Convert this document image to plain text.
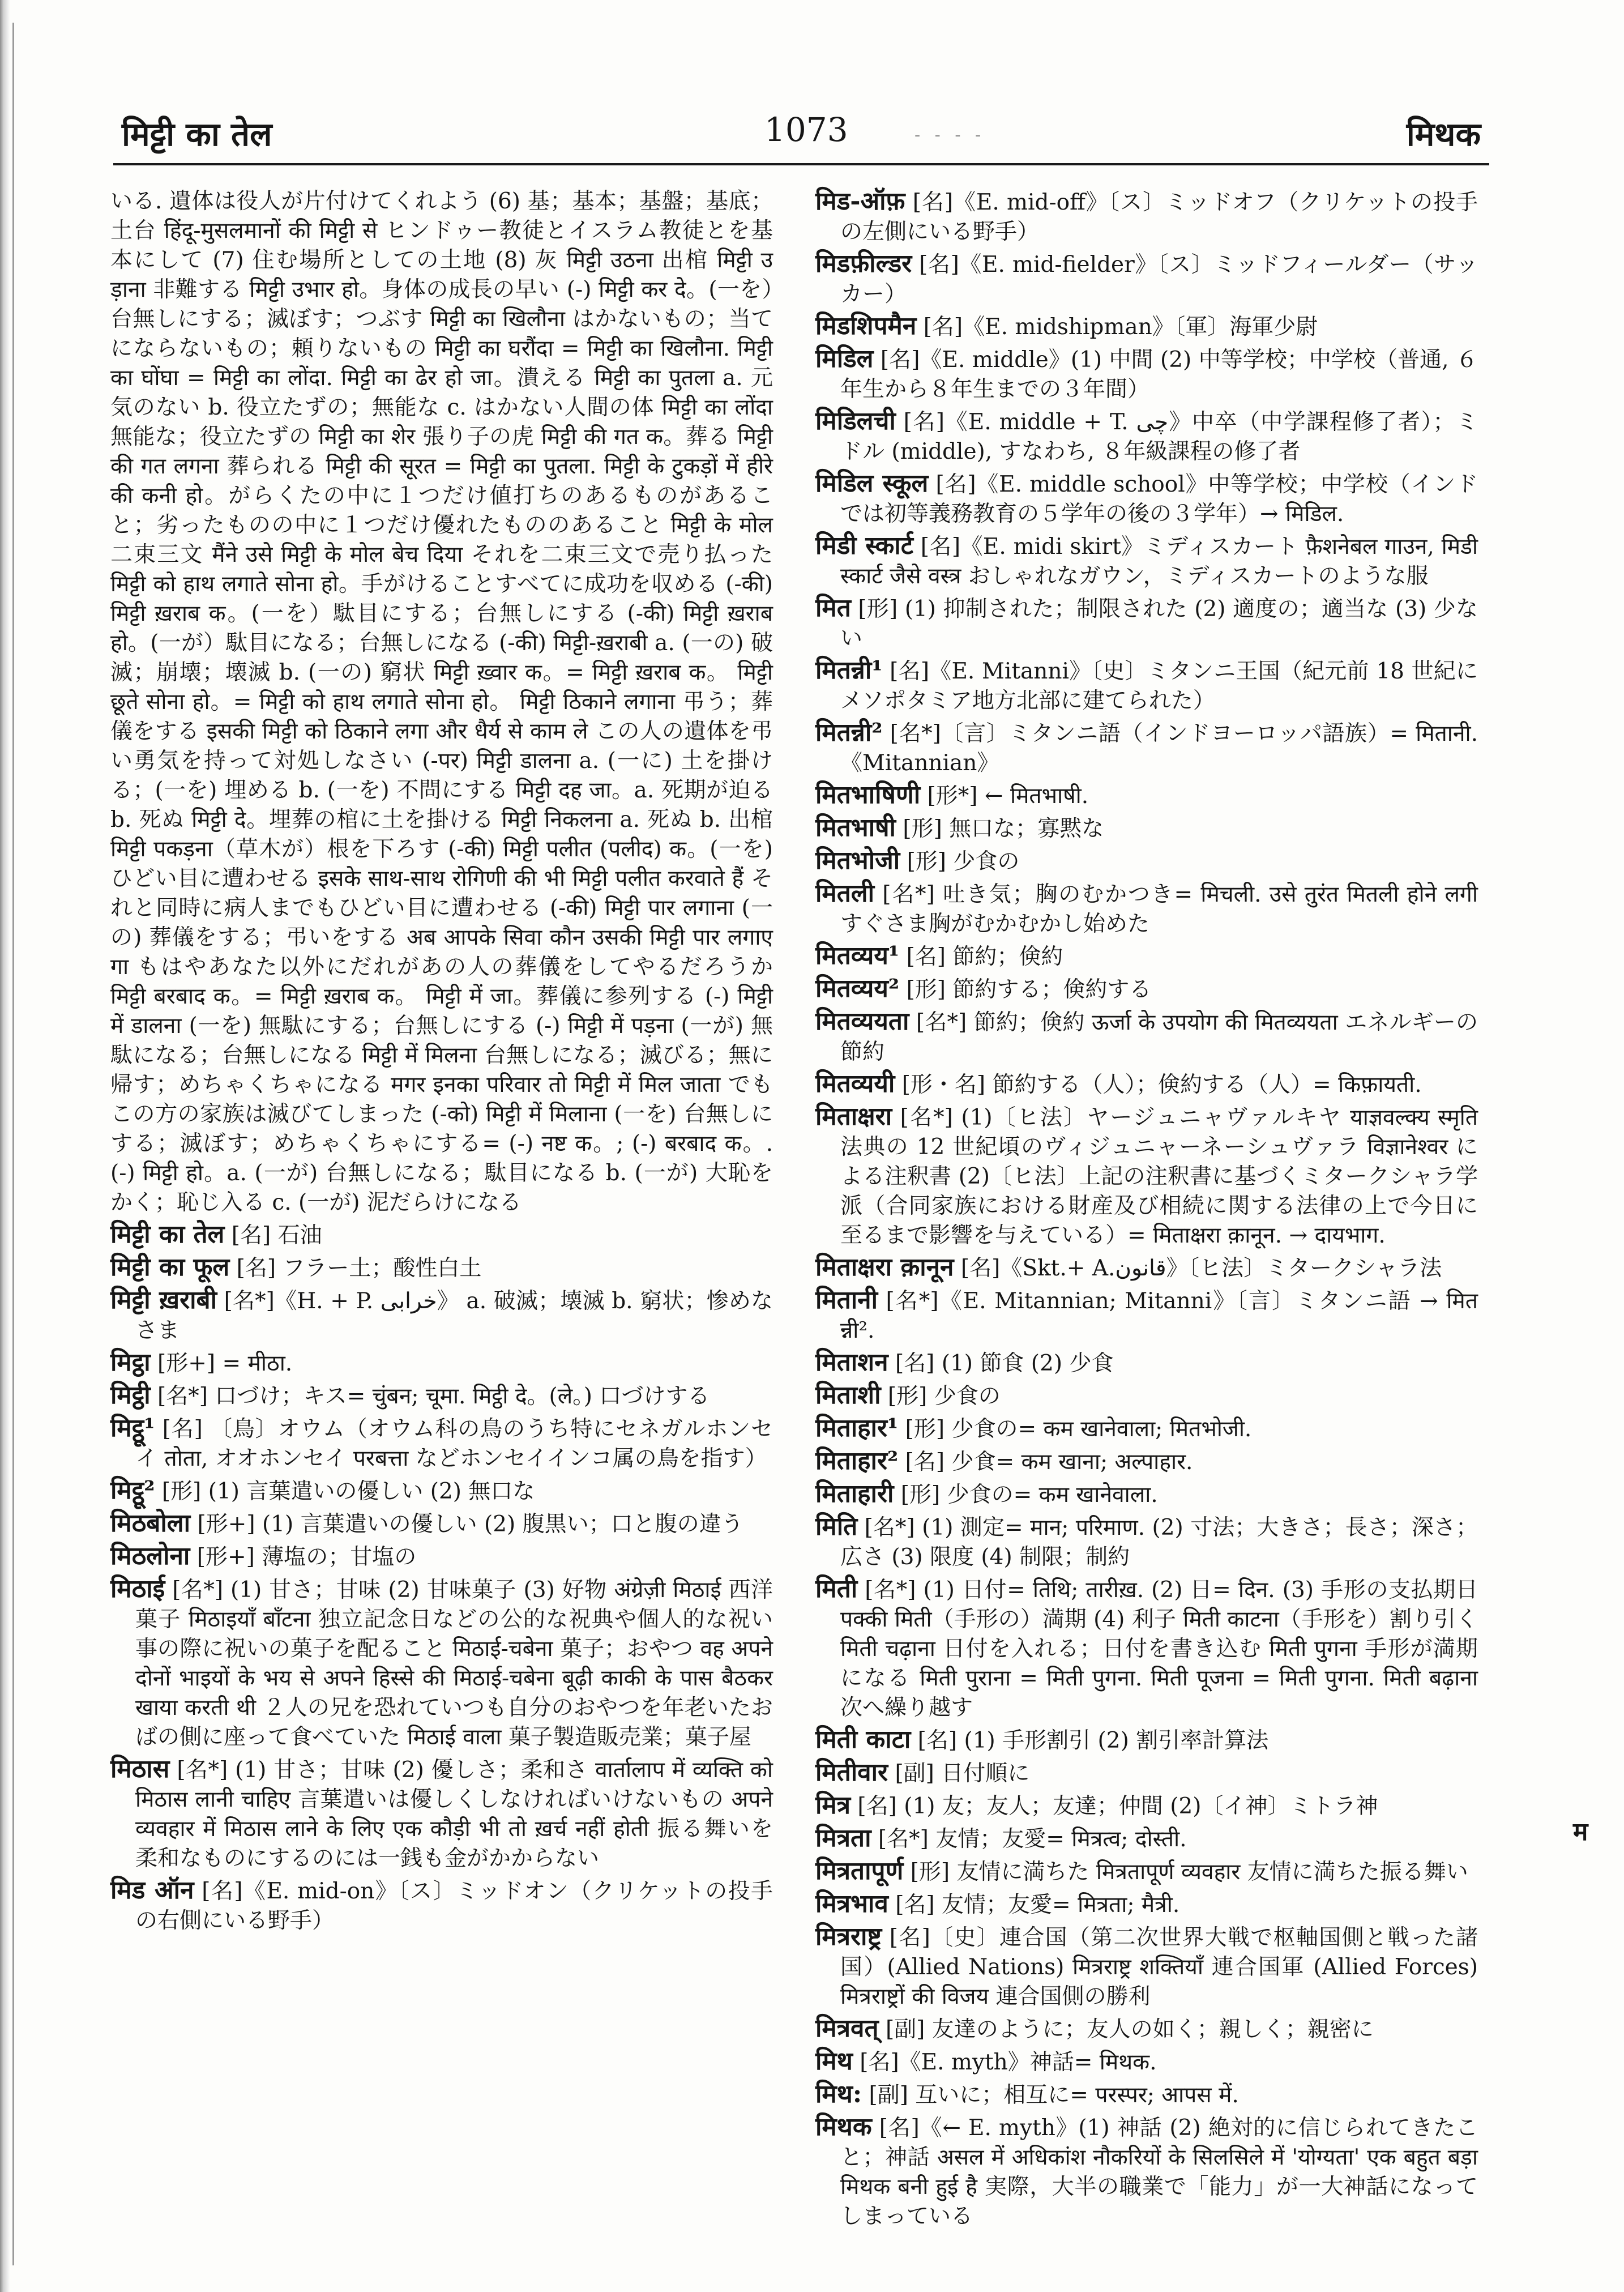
मिट्टी का तेल	1073	- - - -	मिथक

いる. 遺体は役人が片付けてくれよう (6) 基；基本；基盤；基底；土台 हिंदू-मुसलमानों की मिट्टी से ヒンドゥー教徒とイスラム教徒とを基本にして (7) 住む場所としての土地 (8) 灰 मिट्टी उठना 出棺 मिट्टी उड़ाना 非難する मिट्टी उभार हो。身体の成長の早い (-) मिट्टी कर दे。(一を）台無しにする；滅ぼす；つぶす मिट्टी का खिलौना はかないもの；当てにならないもの；頼りないもの मिट्टी का घरौंदा = मिट्टी का खिलौना. मिट्टी का घोंघा = मिट्टी का लोंदा. मिट्टी का ढेर हो जा。潰える मिट्टी का पुतला a. 元気のない b. 役立たずの；無能な c. はかない人間の体 मिट्टी का लोंदा 無能な；役立たずの मिट्टी का शेर 張り子の虎 मिट्टी की गत क。葬る मिट्टी की गत लगना 葬られる मिट्टी की सूरत = मिट्टी का पुतला. मिट्टी के टुकड़ों में हीरे की कनी हो。がらくたの中に１つだけ値打ちのあるものがあること；劣ったものの中に１つだけ優れたもののあること मिट्टी के मोल 二束三文 मैंने उसे मिट्टी के मोल बेच दिया それを二束三文で売り払った मिट्टी को हाथ लगाते सोना हो。手がけることすべてに成功を収める (-की) मिट्टी ख़राब क。(一を）駄目にする；台無しにする (-की) मिट्टी ख़राब हो。(一が）駄目になる；台無しになる (-की) मिट्टी-ख़राबी a. (一の) 破滅；崩壊；壊滅 b. (一の) 窮状 मिट्टी ख़्वार क。= मिट्टी ख़राब क。 मिट्टी छूते सोना हो。= मिट्टी को हाथ लगाते सोना हो。 मिट्टी ठिकाने लगाना 弔う；葬儀をする इसकी मिट्टी को ठिकाने लगा और धैर्य से काम ले この人の遺体を弔い勇気を持って対処しなさい (-पर) मिट्टी डालना a. (一に) 土を掛ける；(一を) 埋める b. (一を) 不問にする मिट्टी दह जा。a. 死期が迫る b. 死ぬ मिट्टी दे。埋葬の棺に土を掛ける मिट्टी निकलना a. 死ぬ b. 出棺 मिट्टी पकड़ना（草木が）根を下ろす (-की) मिट्टी पलीत (पलीद) क。(一を) ひどい目に遭わせる इसके साथ-साथ रोगिणी की भी मिट्टी पलीत करवाते हैं それと同時に病人までもひどい目に遭わせる (-की) मिट्टी पार लगाना (一の) 葬儀をする；弔いをする अब आपके सिवा कौन उसकी मिट्टी पार लगाएगा もはやあなた以外にだれがあの人の葬儀をしてやるだろうか मिट्टी बरबाद क。= मिट्टी ख़राब क。 मिट्टी में जा。葬儀に参列する (-) मिट्टी में डालना (一を) 無駄にする；台無しにする (-) मिट्टी में पड़ना (一が) 無駄になる；台無しになる मिट्टी में मिलना 台無しになる；滅びる；無に帰す；めちゃくちゃになる मगर इनका परिवार तो मिट्टी में मिल जाता でもこの方の家族は滅びてしまった (-को) मिट्टी में मिलाना (一を) 台無しにする；滅ぼす；めちゃくちゃにする= (-) नष्ट क。; (-) बरबाद क。. (-) मिट्टी हो。a. (一が) 台無しになる；駄目になる b. (一が) 大恥をかく；恥じ入る c. (一が) 泥だらけになる

मिट्टी का तेल [名] 石油

मिट्टी का फूल [名] フラー土；酸性白土

मिट्टी ख़राबी [名*]《H. + P. خرابی》 a. 破滅；壊滅 b. 窮状；惨めなさま

मिट्ठा [形+] = मीठा.

मिट्ठी [名*] 口づけ；キス= चुंबन; चूमा. मिट्ठी दे。(ले。) 口づけする

मिट्ठू¹ [名] 〔鳥〕オウム（オウム科の鳥のうち特にセネガルホンセイ तोता, オオホンセイ परबत्ता などホンセイインコ属の鳥を指す）

मिट्ठू² [形] (1) 言葉遣いの優しい (2) 無口な

मिठबोला [形+] (1) 言葉遣いの優しい (2) 腹黒い；口と腹の違う

मिठलोना [形+] 薄塩の；甘塩の

मिठाई [名*] (1) 甘さ；甘味 (2) 甘味菓子 (3) 好物 अंग्रेज़ी मिठाई 西洋菓子 मिठाइयाँ बाँटना 独立記念日などの公的な祝典や個人的な祝い事の際に祝いの菓子を配ること मिठाई-चबेना 菓子；おやつ वह अपने दोनों भाइयों के भय से अपने हिस्से की मिठाई-चबेना बूढ़ी काकी के पास बैठकर खाया करती थी ２人の兄を恐れていつも自分のおやつを年老いたおばの側に座って食べていた मिठाई वाला 菓子製造販売業；菓子屋

मिठास [名*] (1) 甘さ；甘味 (2) 優しさ；柔和さ वार्तालाप में व्यक्ति को मिठास लानी चाहिए 言葉遣いは優しくしなければいけないもの अपने व्यवहार में मिठास लाने के लिए एक कौड़ी भी तो ख़र्च नहीं होती 振る舞いを柔和なものにするのには一銭も金がかからない

मिड ऑन [名]《E. mid-on》〔ス〕ミッドオン（クリケットの投手の右側にいる野手）

मिड-ऑफ़ [名]《E. mid-off》〔ス〕ミッドオフ（クリケットの投手の左側にいる野手）

मिडफ़ील्डर [名]《E. mid-fielder》〔ス〕ミッドフィールダー（サッカー）

मिडशिपमैन [名]《E. midshipman》〔軍〕海軍少尉

मिडिल [名]《E. middle》(1) 中間 (2) 中等学校；中学校（普通, ６年生から８年生までの３年間）

मिडिलची [名]《E. middle + T. چی》中卒（中学課程修了者）；ミドル (middle), すなわち, ８年級課程の修了者

मिडिल स्कूल [名]《E. middle school》中等学校；中学校（インドでは初等義務教育の５学年の後の３学年）→ मिडिल.

मिडी स्कार्ट [名]《E. midi skirt》ミディスカート फ़ैशनेबल गाउन, मिडी स्कार्ट जैसे वस्त्र おしゃれなガウン，ミディスカートのような服

मित [形] (1) 抑制された；制限された (2) 適度の；適当な (3) 少ない

मितन्नी¹ [名]《E. Mitanni》〔史〕ミタンニ王国（紀元前 18 世紀にメソポタミア地方北部に建てられた）

मितन्नी² [名*]〔言〕ミタンニ語（インドヨーロッパ語族）= मितानी. 《Mitannian》

मितभाषिणी [形*] ← मितभाषी.

मितभाषी [形] 無口な；寡黙な

मितभोजी [形] 少食の

मितली [名*] 吐き気；胸のむかつき= मिचली. उसे तुरंत मितली होने लगी すぐさま胸がむかむかし始めた

मितव्यय¹ [名] 節約；倹約

मितव्यय² [形] 節約する；倹約する

मितव्ययता [名*] 節約；倹約 ऊर्जा के उपयोग की मितव्ययता エネルギーの節約

मितव्ययी [形・名] 節約する（人）；倹約する（人）= किफ़ायती.

मिताक्षरा [名*] (1)〔ヒ法〕ヤージュニャヴァルキヤ याज्ञवल्क्य स्मृति 法典の 12 世紀頃のヴィジュニャーネーシュヴァラ विज्ञानेश्वर による注釈書 (2)〔ヒ法〕上記の注釈書に基づくミタークシャラ学派（合同家族における財産及び相続に関する法律の上で今日に至るまで影響を与えている）= मिताक्षरा क़ानून. → दायभाग.

मिताक्षरा क़ानून [名]《Skt.+ A.قانون》〔ヒ法〕ミタークシャラ法

मितानी [名*]《E. Mitannian; Mitanni》〔言〕ミタンニ語 → मितन्नी².

मिताशन [名] (1) 節食 (2) 少食

मिताशी [形] 少食の

मिताहार¹ [形] 少食の= कम खानेवाला; मितभोजी.

मिताहार² [名] 少食= कम खाना; अल्पाहार.

मिताहारी [形] 少食の= कम खानेवाला.

मिति [名*] (1) 測定= मान; परिमाण. (2) 寸法；大きさ；長さ；深さ；広さ (3) 限度 (4) 制限；制約

मिती [名*] (1) 日付= तिथि; तारीख़. (2) 日= दिन. (3) 手形の支払期日 पक्की मिती（手形の）満期 (4) 利子 मिती काटना（手形を）割り引く मिती चढ़ाना 日付を入れる；日付を書き込む मिती पुगना 手形が満期になる मिती पुराना = मिती पुगना. मिती पूजना = मिती पुगना. मिती बढ़ाना 次へ繰り越す

मिती काटा [名] (1) 手形割引 (2) 割引率計算法

मितीवार [副] 日付順に

मित्र [名] (1) 友；友人；友達；仲間 (2)〔イ神〕ミトラ神

मित्रता [名*] 友情；友愛= मित्रत्व; दोस्ती.

मित्रतापूर्ण [形] 友情に満ちた मित्रतापूर्ण व्यवहार 友情に満ちた振る舞い

मित्रभाव [名] 友情；友愛= मित्रता; मैत्री.

मित्रराष्ट्र [名]〔史〕連合国（第二次世界大戦で枢軸国側と戦った諸国）(Allied Nations) मित्रराष्ट्र शक्तियाँ 連合国軍 (Allied Forces) मित्रराष्ट्रों की विजय 連合国側の勝利

मित्रवत् [副] 友達のように；友人の如く；親しく；親密に

मिथ [名]《E. myth》神話= मिथक.

मिथ: [副] 互いに；相互に= परस्पर; आपस में.

मिथक [名]《← E. myth》(1) 神話 (2) 絶対的に信じられてきたこと；神話 असल में अधिकांश नौकरियों के सिलसिले में 'योग्यता' एक बहुत बड़ा मिथक बनी हुई है 実際，大半の職業で「能力」が一大神話になってしまっている

म
